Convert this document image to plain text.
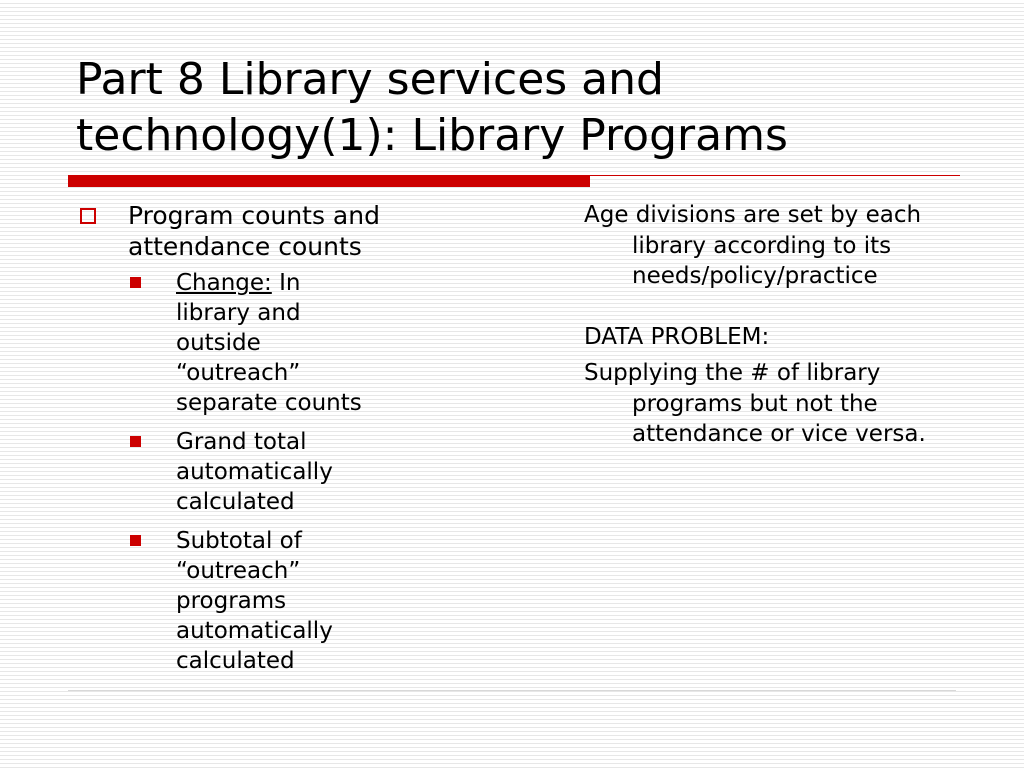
Part 8 Library services and technology(1): Library Programs
Program counts and attendance counts
Change: In library and outside “outreach” separate counts
Grand total automatically calculated
Subtotal of “outreach” programs automatically calculated

Age divisions are set by each library according to its needs/policy/practice

DATA PROBLEM:

Supplying the # of library programs but not the attendance or vice versa.
